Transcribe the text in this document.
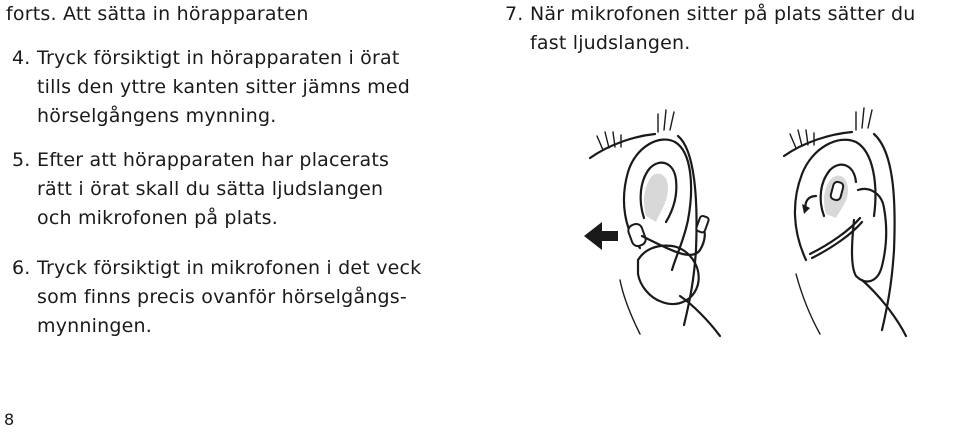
forts. Att sätta in hörapparaten
4. Tryck försiktigt in hörapparaten i örat
tills den yttre kanten sitter jämns med
hörselgångens mynning.
5. Efter att hörapparaten har placerats
rätt i örat skall du sätta ljudslangen
och mikrofonen på plats.
6. Tryck försiktigt in mikrofonen i det veck
som finns precis ovanför hörselgångs-
mynningen.
7. När mikrofonen sitter på plats sätter du
fast ljudslangen.
8
